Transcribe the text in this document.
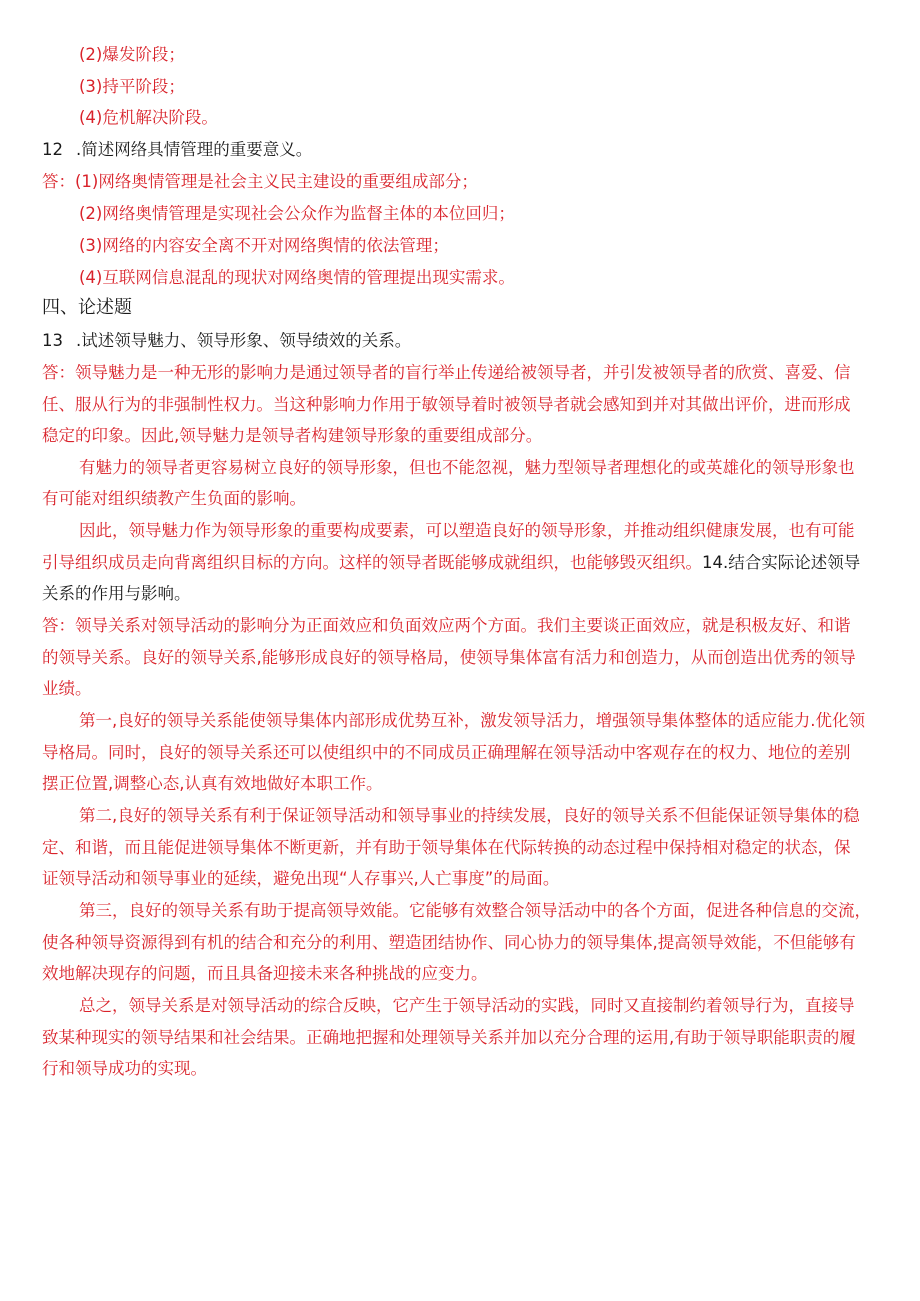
(2)爆发阶段；
(3)持平阶段；
(4)危机解决阶段。
12 .简述网络具情管理的重要意义。
答：(1)网络奥情管理是社会主义民主建设的重要组成部分；
(2)网络奥情管理是实现社会公众作为监督主体的本位回归；
(3)网络的内容安全离不开对网络舆情的依法管理；
(4)互联网信息混乱的现状对网络奥情的管理提出现实需求。
四、论述题
13 .试述领导魅力、领导形象、领导绩效的关系。
答：领导魅力是一种无形的影响力是通过领导者的盲行举止传递给被领导者，并引发被领导者的欣赏、喜爱、信
任、服从行为的非强制性权力。当这种影响力作用于敏领导着时被领导者就会感知到并对其做出评价，进而形成
稳定的印象。因此,领导魅力是领导者构建领导形象的重要组成部分。
有魅力的领导者更容易树立良好的领导形象，但也不能忽视，魅力型领导者理想化的或英雄化的领导形象也
有可能对组织绩教产生负面的影响。
因此，领导魅力作为领导形象的重要构成要素，可以塑造良好的领导形象，并推动组织健康发展，也有可能
引导组织成员走向背离组织目标的方向。这样的领导者既能够成就组织，也能够毁灭组织。14.结合实际论述领导
关系的作用与影响。
答：领导关系对领导活动的影响分为正面效应和负面效应两个方面。我们主要谈正面效应，就是积极友好、和谐
的领导关系。良好的领导关系,能够形成良好的领导格局，使领导集体富有活力和创造力，从而创造出优秀的领导
业绩。
第一,良好的领导关系能使领导集体内部形成优势互补，激发领导活力，增强领导集体整体的适应能力.优化领
导格局。同时，良好的领导关系还可以使组织中的不同成员正确理解在领导活动中客观存在的权力、地位的差别
摆正位置,调整心态,认真有效地做好本职工作。
第二,良好的领导关系有利于保证领导活动和领导事业的持续发展，良好的领导关系不但能保证领导集体的稳
定、和谐，而且能促进领导集体不断更新，并有助于领导集体在代际转换的动态过程中保持相对稳定的状态，保
证领导活动和领导事业的延续，避免出现“人存事兴,人亡事度”的局面。
第三，良好的领导关系有助于提高领导效能。它能够有效整合领导活动中的各个方面，促进各种信息的交流，
使各种领导资源得到有机的结合和充分的利用、塑造团结协作、同心协力的领导集体,提高领导效能，不但能够有
效地解决现存的问题，而且具备迎接未来各种挑战的应变力。
总之，领导关系是对领导活动的综合反映，它产生于领导活动的实践，同时又直接制约着领导行为，直接导
致某种现实的领导结果和社会结果。正确地把握和处理领导关系并加以充分合理的运用,有助于领导职能职责的履
行和领导成功的实现。
